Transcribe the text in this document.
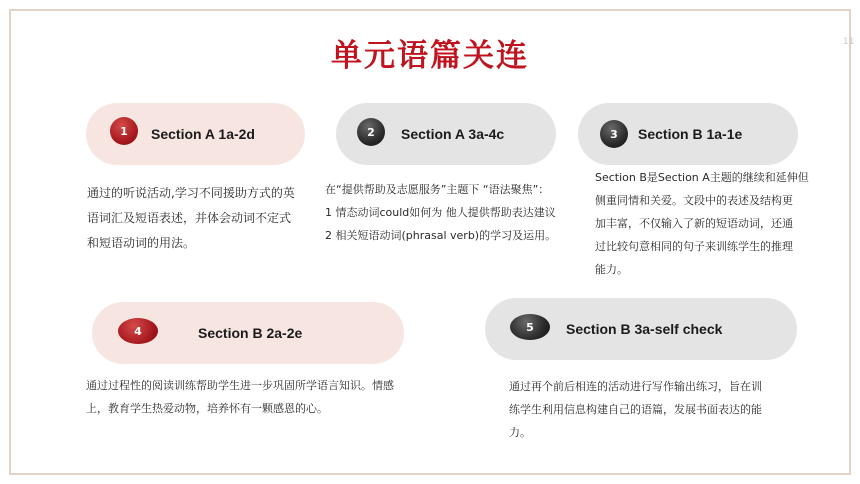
单元语篇关连	11
1	Section A 1a-2d
通过的听说活动,学习不同援助方式的英
语词汇及短语表述，并体会动词不定式
和短语动词的用法。
2	Section A 3a-4c
在“提供帮助及志愿服务”主题下 “语法聚焦”：
1 情态动词could如何为 他人提供帮助表达建议
2 相关短语动词(phrasal verb)的学习及运用。
3	Section B 1a-1e
Section B是Section A主题的继续和延伸但
侧重同情和关爱。文段中的表述及结构更
加丰富，不仅输入了新的短语动词，还通
过比较句意相同的句子来训练学生的推理
能力。
4	Section B 2a-2e
通过过程性的阅读训练帮助学生进一步巩固所学语言知识。情感
上，教育学生热爱动物，培养怀有一颗感恩的心。
5	Section B 3a-self check
通过再个前后相连的活动进行写作输出练习，旨在训
练学生利用信息构建自己的语篇，发展书面表达的能
力。
